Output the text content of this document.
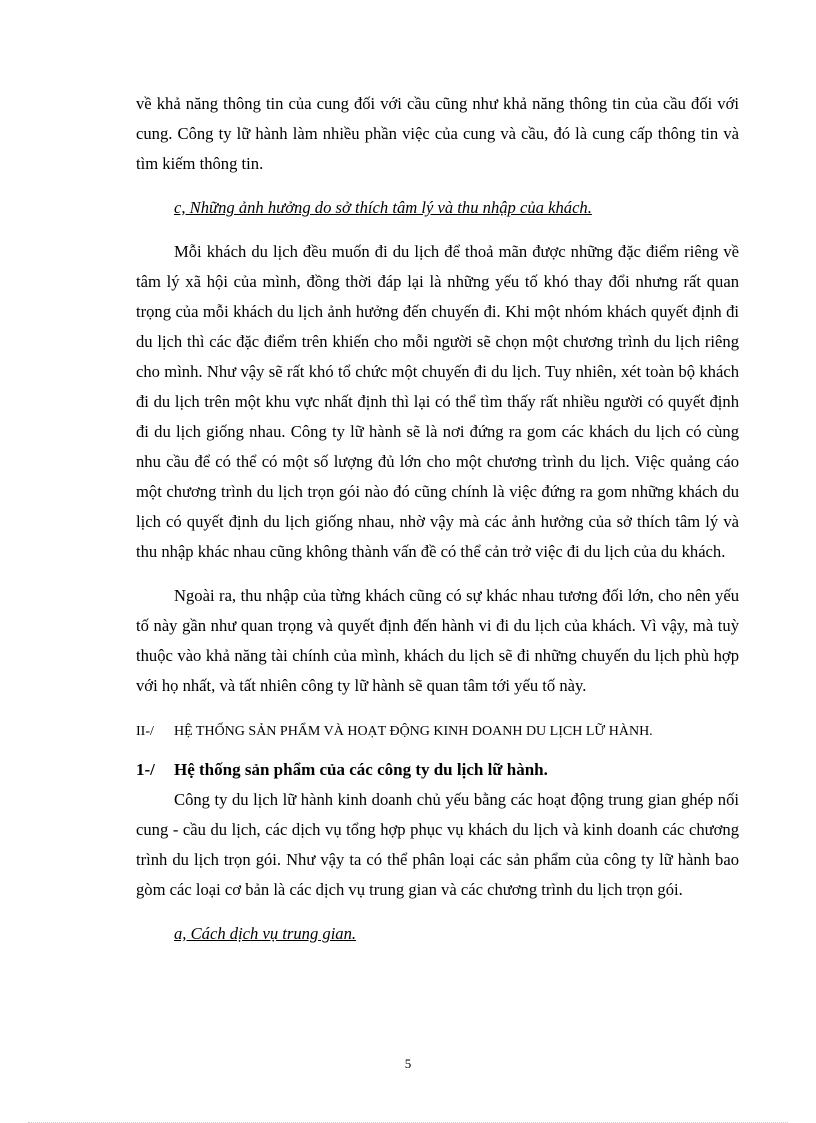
về khả năng thông tin của cung đối với cầu cũng như khả năng thông tin của cầu đối với cung. Công ty lữ hành làm nhiều phần việc của cung và cầu, đó là cung cấp thông tin và tìm kiếm thông tin.

c, Những ảnh hưởng do sở thích tâm lý và thu nhập của khách.

Mỗi khách du lịch đều muốn đi du lịch để thoả mãn được những đặc điểm riêng về tâm lý xã hội của mình, đồng thời đáp lại là những yếu tố khó thay đổi nhưng rất quan trọng của mỗi khách du lịch ảnh hưởng đến chuyến đi. Khi một nhóm khách quyết định đi du lịch thì các đặc điểm trên khiến cho mỗi người sẽ chọn một chương trình du lịch riêng cho mình. Như vậy sẽ rất khó tổ chức một chuyến đi du lịch. Tuy nhiên, xét toàn bộ khách đi du lịch trên một khu vực nhất định thì lại có thể tìm thấy rất nhiều người có quyết định đi du lịch giống nhau. Công ty lữ hành sẽ là nơi đứng ra gom các khách du lịch có cùng nhu cầu để có thể có một số lượng đủ lớn cho một chương trình du lịch. Việc quảng cáo một chương trình du lịch trọn gói nào đó cũng chính là việc đứng ra gom những khách du lịch có quyết định du lịch giống nhau, nhờ vậy mà các ảnh hưởng của sở thích tâm lý và thu nhập khác nhau cũng không thành vấn đề có thể cản trở việc đi du lịch của du khách.

Ngoài ra, thu nhập của từng khách cũng có sự khác nhau tương đối lớn, cho nên yếu tố này gần như quan trọng và quyết định đến hành vi đi du lịch của khách. Vì vậy, mà tuỳ thuộc vào khả năng tài chính của mình, khách du lịch sẽ đi những chuyến du lịch phù hợp với họ nhất, và tất nhiên công ty lữ hành sẽ quan tâm tới yếu tố này.

II-/	HỆ THỐNG SẢN PHẨM VÀ HOẠT ĐỘNG KINH DOANH DU LỊCH LỮ HÀNH.
1-/	Hệ thống sản phẩm của các công ty du lịch lữ hành.

Công ty du lịch lữ hành kinh doanh chủ yếu bằng các hoạt động trung gian ghép nối cung - cầu du lịch, các dịch vụ tổng hợp phục vụ khách du lịch và kinh doanh các chương trình du lịch trọn gói. Như vậy ta có thể phân loại các sản phẩm của công ty lữ hành bao gòm các loại cơ bản là các dịch vụ trung gian và các chương trình du lịch trọn gói.

a, Cách dịch vụ trung gian.

5
